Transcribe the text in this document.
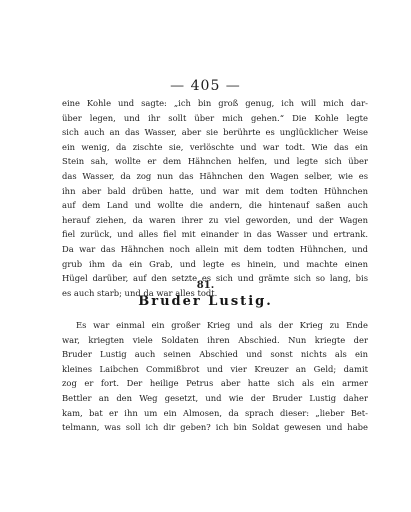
— 405 —
eine Kohle und sagte: „ich bin groß genug, ich will mich dar-
über legen, und ihr sollt über mich gehen.“ Die Kohle legte
sich auch an das Wasser, aber sie berührte es unglücklicher Weise
ein wenig, da zischte sie, verlöschte und war todt. Wie das ein
Stein sah, wollte er dem Hähnchen helfen, und legte sich über
das Wasser, da zog nun das Hähnchen den Wagen selber, wie es
ihn aber bald drüben hatte, und war mit dem todten Hühnchen
auf dem Land und wollte die andern, die hintenauf saßen auch
herauf ziehen, da waren ihrer zu viel geworden, und der Wagen
fiel zurück, und alles fiel mit einander in das Wasser und ertrank.
Da war das Hähnchen noch allein mit dem todten Hühnchen, und
grub ihm da ein Grab, und legte es hinein, und machte einen
Hügel darüber, auf den setzte es sich und grämte sich so lang, bis
es auch starb; und da war alles todt.
81.
Bruder Lustig.
Es war einmal ein großer Krieg und als der Krieg zu Ende
war, kriegten viele Soldaten ihren Abschied. Nun kriegte der
Bruder Lustig auch seinen Abschied und sonst nichts als ein
kleines Laibchen Commißbrot und vier Kreuzer an Geld; damit
zog er fort. Der heilige Petrus aber hatte sich als ein armer
Bettler an den Weg gesetzt, und wie der Bruder Lustig daher
kam, bat er ihn um ein Almosen, da sprach dieser: „lieber Bet-
telmann, was soll ich dir geben? ich bin Soldat gewesen und habe
